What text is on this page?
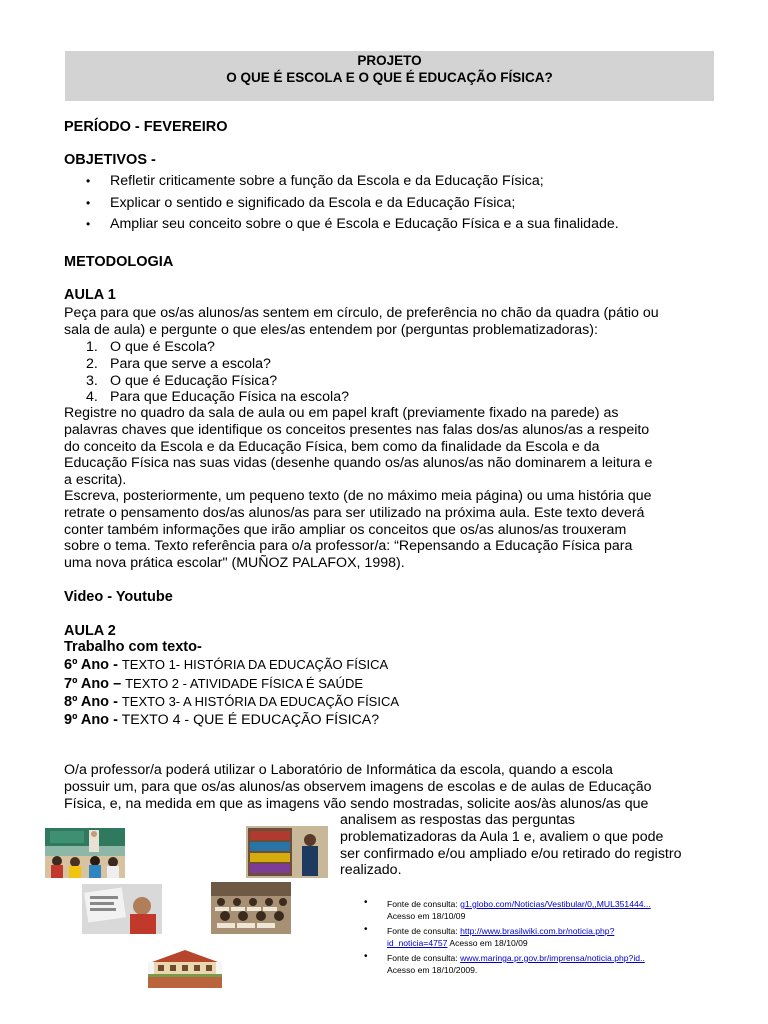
PROJETO
O QUE É ESCOLA E O QUE É EDUCAÇÃO FÍSICA?
PERÍODO - FEVEREIRO
OBJETIVOS -
• Refletir criticamente sobre a função da Escola e da Educação Física;
• Explicar o sentido e significado da Escola e da Educação Física;
• Ampliar seu conceito sobre o que é Escola e Educação Física e a sua finalidade.
METODOLOGIA
AULA 1
Peça para que os/as alunos/as sentem em círculo, de preferência no chão da quadra (pátio ou
sala de aula) e pergunte o que eles/as entendem por (perguntas problematizadoras):
1. O que é Escola?
2. Para que serve a escola?
3. O que é Educação Física?
4. Para que Educação Física na escola?
Registre no quadro da sala de aula ou em papel kraft (previamente fixado na parede) as
palavras chaves que identifique os conceitos presentes nas falas dos/as alunos/as a respeito
do conceito da Escola e da Educação Física, bem como da finalidade da Escola e da
Educação Física nas suas vidas (desenhe quando os/as alunos/as não dominarem a leitura e
a escrita).
Escreva, posteriormente, um pequeno texto (de no máximo meia página) ou uma história que
retrate o pensamento dos/as alunos/as para ser utilizado na próxima aula. Este texto deverá
conter também informações que irão ampliar os conceitos que os/as alunos/as trouxeram
sobre o tema. Texto referência para o/a professor/a: “Repensando a Educação Física para
uma nova prática escolar" (MUÑOZ PALAFOX, 1998).
Video - Youtube
AULA 2
Trabalho com texto-
6º Ano - TEXTO 1- HISTÓRIA DA EDUCAÇÃO FÍSICA
7º Ano – TEXTO 2 - ATIVIDADE FÍSICA É SAÚDE
8º Ano - TEXTO 3- A HISTÓRIA DA EDUCAÇÃO FÍSICA
9º Ano - TEXTO 4 - QUE É EDUCAÇÃO FÍSICA?
O/a professor/a poderá utilizar o Laboratório de Informática da escola, quando a escola
possuir um, para que os/as alunos/as observem imagens de escolas e de aulas de Educação
Física, e, na medida em que as imagens vão sendo mostradas, solicite aos/às alunos/as que
analisem as respostas das perguntas
problematizadoras da Aula 1 e, avaliem o que pode
ser confirmado e/ou ampliado e/ou retirado do registro
realizado.
• Fonte de consulta: g1.globo.com/Noticias/Vestibular/0,,MUL351444...
Acesso em 18/10/09
• Fonte de consulta: http://www.brasilwiki.com.br/noticia.php?
id_noticia=4757 Acesso em 18/10/09
• Fonte de consulta: www.maringa.pr.gov.br/imprensa/noticia.php?id..
Acesso em 18/10/2009.
